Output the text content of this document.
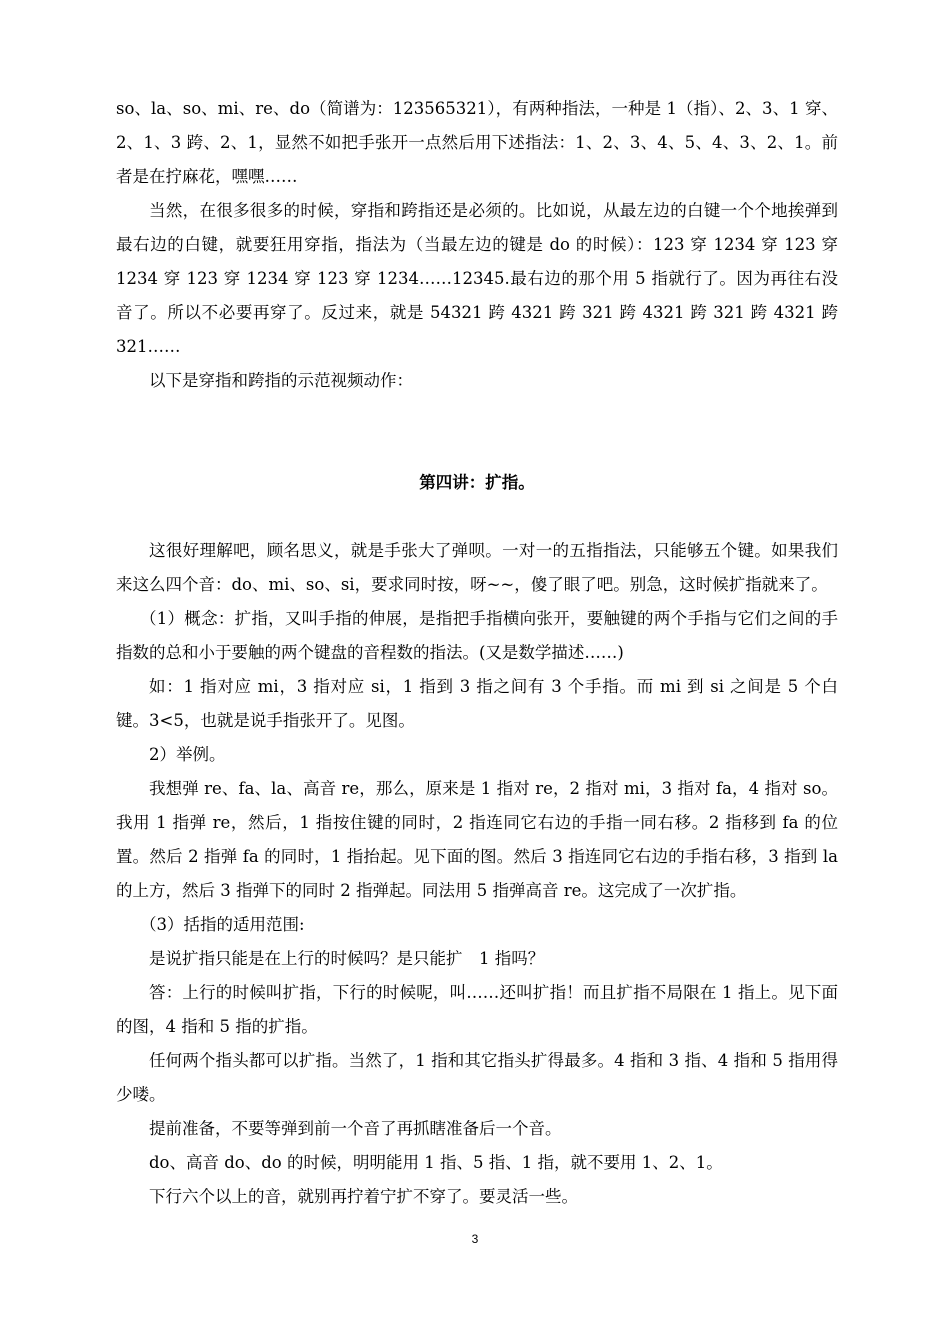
so、la、so、mi、re、do（简谱为：123565321），有两种指法，一种是 1（指）、2、3、1 穿、2、1、3 跨、2、1，显然不如把手张开一点然后用下述指法：1、2、3、4、5、4、3、2、1。前者是在拧麻花，嘿嘿……

当然，在很多很多的时候，穿指和跨指还是必须的。比如说，从最左边的白键一个个地挨弹到最右边的白键，就要狂用穿指，指法为（当最左边的键是 do 的时候）：123 穿 1234 穿 123 穿 1234 穿 123 穿 1234 穿 123 穿 1234……12345.最右边的那个用 5 指就行了。因为再往右没音了。所以不必要再穿了。反过来，就是 54321 跨 4321 跨 321 跨 4321 跨 321 跨 4321 跨 321……

以下是穿指和跨指的示范视频动作：

第四讲：扩指。

这很好理解吧，顾名思义，就是手张大了弹呗。一对一的五指指法，只能够五个键。如果我们来这么四个音：do、mi、so、si，要求同时按，呀~~，傻了眼了吧。别急，这时候扩指就来了。

（1）概念：扩指，又叫手指的伸展，是指把手指横向张开，要触键的两个手指与它们之间的手指数的总和小于要触的两个键盘的音程数的指法。(又是数学描述……)

如：1 指对应 mi，3 指对应 si，1 指到 3 指之间有 3 个手指。而 mi 到 si 之间是 5 个白键。3<5，也就是说手指张开了。见图。

2）举例。

我想弹 re、fa、la、高音 re，那么，原来是 1 指对 re，2 指对 mi，3 指对 fa，4 指对 so。我用 1 指弹 re，然后，1 指按住键的同时，2 指连同它右边的手指一同右移。2 指移到 fa 的位置。然后 2 指弹 fa 的同时，1 指抬起。见下面的图。然后 3 指连同它右边的手指右移，3 指到 la 的上方，然后 3 指弹下的同时 2 指弹起。同法用 5 指弹高音 re。这完成了一次扩指。

（3）括指的适用范围:

是说扩指只能是在上行的时候吗？是只能扩　1 指吗？

答：上行的时候叫扩指，下行的时候呢，叫……还叫扩指！而且扩指不局限在 1 指上。见下面的图，4 指和 5 指的扩指。

任何两个指头都可以扩指。当然了，1 指和其它指头扩得最多。4 指和 3 指、4 指和 5 指用得少喽。

提前准备，不要等弹到前一个音了再抓瞎准备后一个音。

do、高音 do、do 的时候，明明能用 1 指、5 指、1 指，就不要用 1、2、1。

下行六个以上的音，就别再拧着宁扩不穿了。要灵活一些。

3
